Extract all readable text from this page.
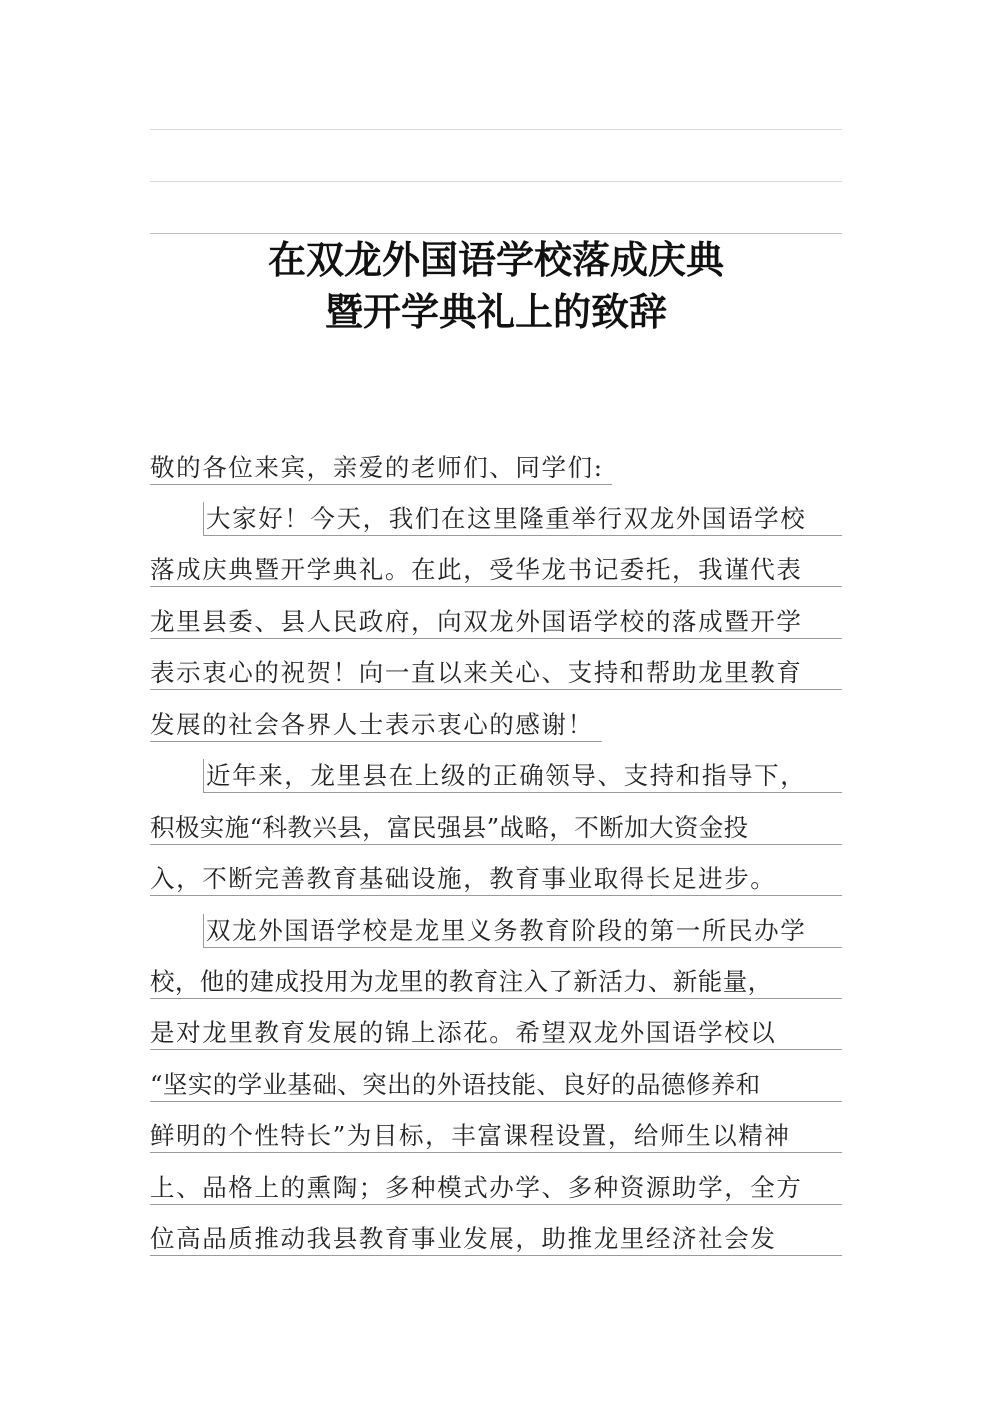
在双龙外国语学校落成庆典
暨开学典礼上的致辞
敬的各位来宾，亲爱的老师们、同学们:
大家好！今天，我们在这里隆重举行双龙外国语学校
落成庆典暨开学典礼。在此，受华龙书记委托，我谨代表
龙里县委、县人民政府，向双龙外国语学校的落成暨开学
表示衷心的祝贺！向一直以来关心、支持和帮助龙里教育
发展的社会各界人士表示衷心的感谢！
近年来，龙里县在上级的正确领导、支持和指导下，
积极实施“科教兴县，富民强县”战略，不断加大资金投
入，不断完善教育基础设施，教育事业取得长足进步。
双龙外国语学校是龙里义务教育阶段的第一所民办学
校，他的建成投用为龙里的教育注入了新活力、新能量，
是对龙里教育发展的锦上添花。希望双龙外国语学校以
“坚实的学业基础、突出的外语技能、良好的品德修养和
鲜明的个性特长”为目标，丰富课程设置，给师生以精神
上、品格上的熏陶；多种模式办学、多种资源助学，全方
位高品质推动我县教育事业发展，助推龙里经济社会发
